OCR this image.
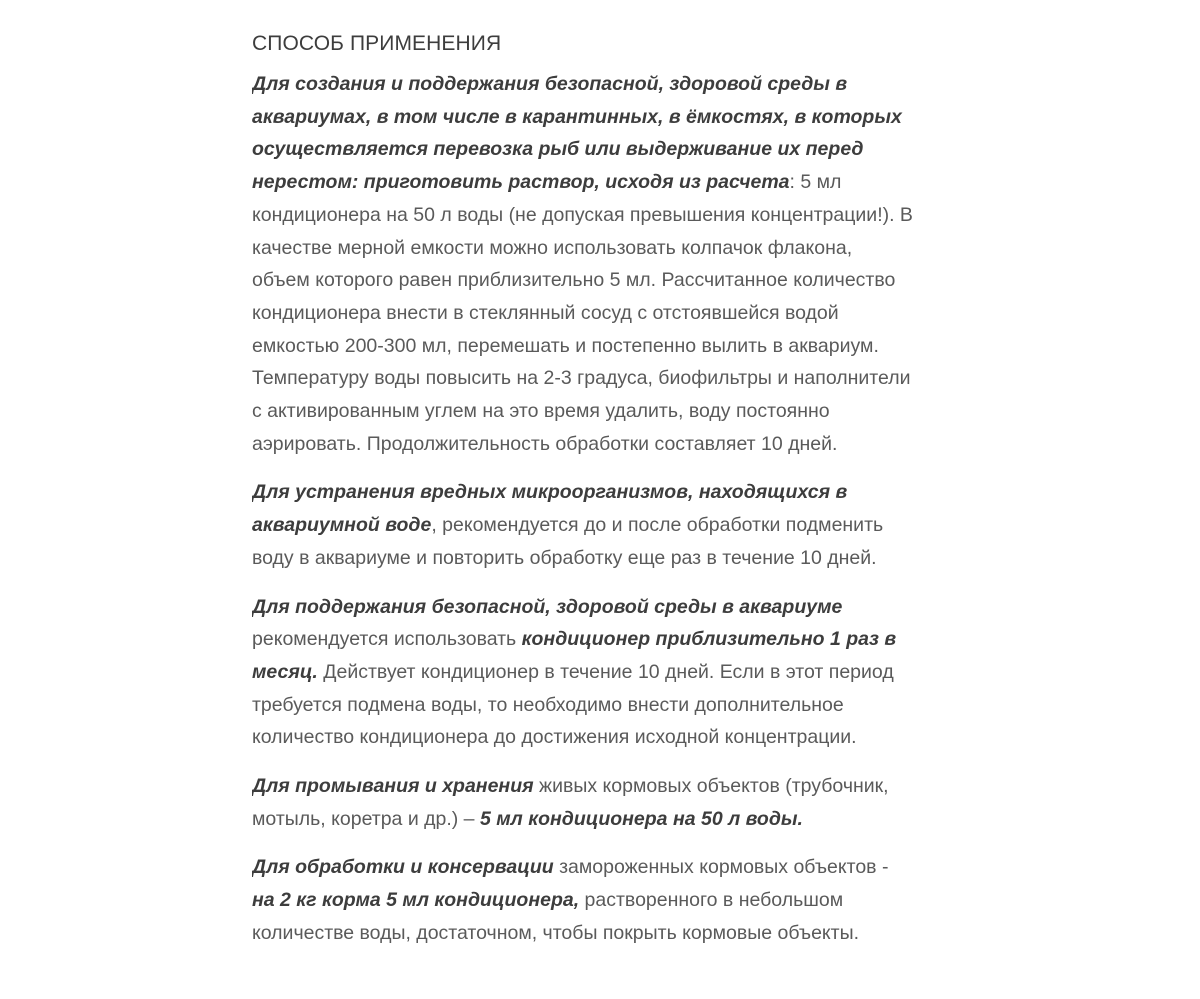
СПОСОБ ПРИМЕНЕНИЯ

Для создания и поддержания безопасной, здоровой среды в
аквариумах, в том числе в карантинных, в ёмкостях, в которых
осуществляется перевозка рыб или выдерживание их перед
нерестом: приготовить раствор, исходя из расчета: 5 мл
кондиционера на 50 л воды (не допуская превышения концентрации!). В
качестве мерной емкости можно использовать колпачок флакона,
объем которого равен приблизительно 5 мл. Рассчитанное количество
кондиционера внести в стеклянный сосуд с отстоявшейся водой
емкостью 200-300 мл, перемешать и постепенно вылить в аквариум.
Температуру воды повысить на 2-3 градуса, биофильтры и наполнители
с активированным углем на это время удалить, воду постоянно
аэрировать. Продолжительность обработки составляет 10 дней.

Для устранения вредных микроорганизмов, находящихся в
аквариумной воде, рекомендуется до и после обработки подменить
воду в аквариуме и повторить обработку еще раз в течение 10 дней.

Для поддержания безопасной, здоровой среды в аквариуме
рекомендуется использовать кондиционер приблизительно 1 раз в
месяц. Действует кондиционер в течение 10 дней. Если в этот период
требуется подмена воды, то необходимо внести дополнительное
количество кондиционера до достижения исходной концентрации.

Для промывания и хранения живых кормовых объектов (трубочник,
мотыль, коретра и др.) – 5 мл кондиционера на 50 л воды.

Для обработки и консервации замороженных кормовых объектов -
на 2 кг корма 5 мл кондиционера, растворенного в небольшом
количестве воды, достаточном, чтобы покрыть кормовые объекты.
